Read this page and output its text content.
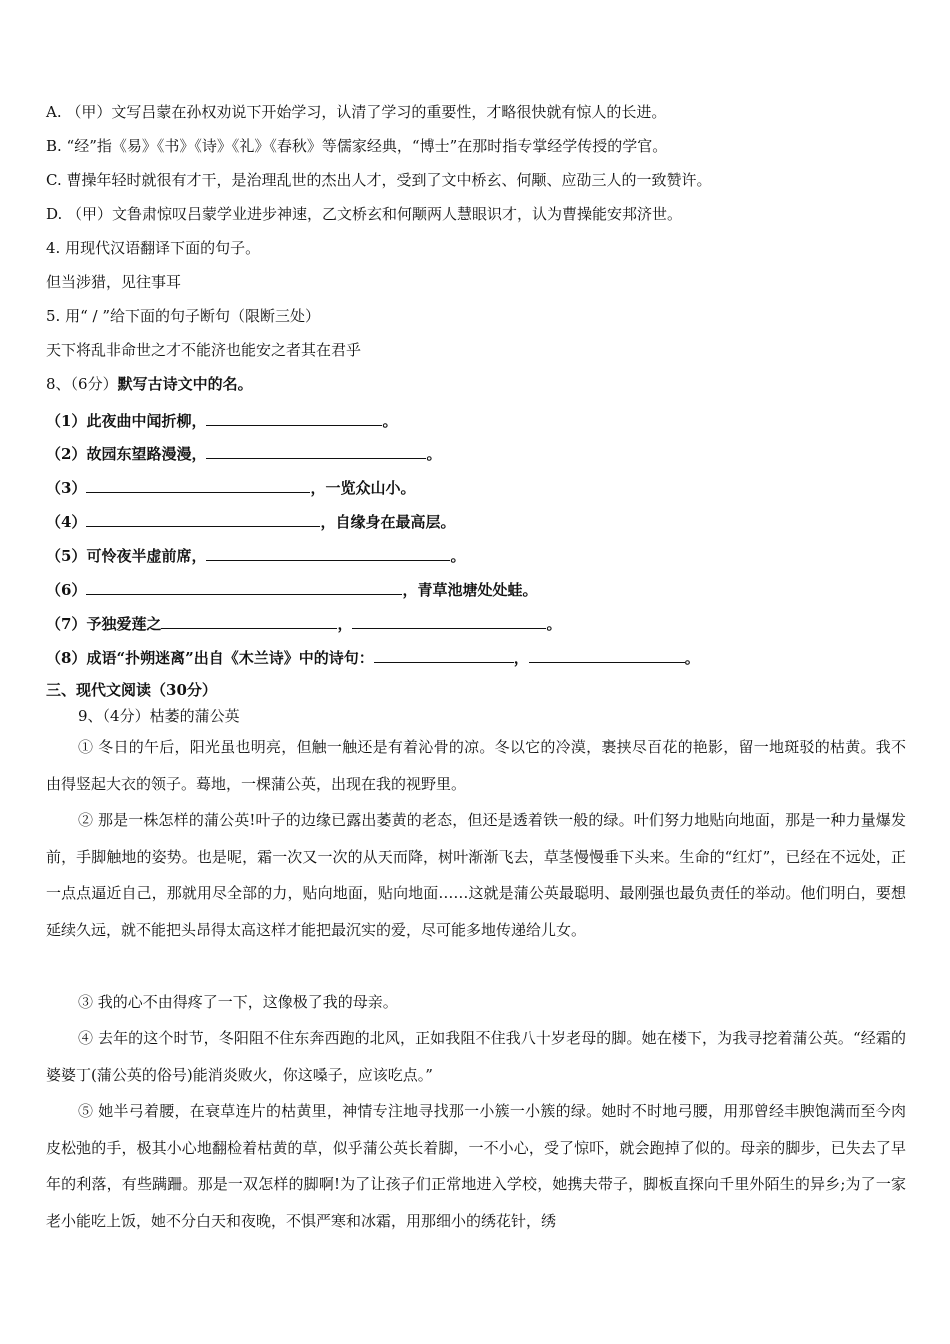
A. （甲）文写吕蒙在孙权劝说下开始学习，认清了学习的重要性，才略很快就有惊人的长进。
B. “经”指《易》《书》《诗》《礼》《春秋》等儒家经典，“博士”在那时指专掌经学传授的学官。
C. 曹操年轻时就很有才干，是治理乱世的杰出人才，受到了文中桥玄、何颙、应劭三人的一致赞许。
D. （甲）文鲁肃惊叹吕蒙学业进步神速，乙文桥玄和何颙两人慧眼识才，认为曹操能安邦济世。
4. 用现代汉语翻译下面的句子。
但当涉猎，见往事耳
5. 用“ / ”给下面的句子断句（限断三处）
天下将乱非命世之才不能济也能安之者其在君乎
8、（6分）默写古诗文中的名。
（1） 此夜曲中闻折柳，	。
（2） 故园东望路漫漫，	。
（3）	，一览众山小。
（4）	，自缘身在最高层。
（5） 可怜夜半虚前席，	。
（6）	，青草池塘处处蛙。
（7） 予独爱莲之	，	。
（8） 成语“扑朔迷离”出自《木兰诗》中的诗句：	，	。
三、现代文阅读（30分）
9、（4分）枯萎的蒲公英

① 冬日的午后，阳光虽也明亮，但触一触还是有着沁骨的凉。冬以它的冷漠，裹挟尽百花的艳影，留一地斑驳的枯黄。我不由得竖起大衣的领子。蓦地，一棵蒲公英，出现在我的视野里。

② 那是一株怎样的蒲公英!叶子的边缘已露出萎黄的老态，但还是透着铁一般的绿。叶们努力地贴向地面，那是一种力量爆发前，手脚触地的姿势。也是呢，霜一次又一次的从天而降，树叶渐渐飞去，草茎慢慢垂下头来。生命的“红灯”，已经在不远处，正一点点逼近自己，那就用尽全部的力，贴向地面，贴向地面……这就是蒲公英最聪明、最刚强也最负责任的举动。他们明白，要想延续久远，就不能把头昂得太高这样才能把最沉实的爱，尽可能多地传递给儿女。

③ 我的心不由得疼了一下，这像极了我的母亲。

④ 去年的这个时节，冬阳阻不住东奔西跑的北风，正如我阻不住我八十岁老母的脚。她在楼下，为我寻挖着蒲公英。“经霜的婆婆丁(蒲公英的俗号)能消炎败火，你这嗓子，应该吃点。”

⑤ 她半弓着腰，在衰草连片的枯黄里，神情专注地寻找那一小簇一小簇的绿。她时不时地弓腰，用那曾经丰腴饱满而至今肉皮松弛的手，极其小心地翻检着枯黄的草，似乎蒲公英长着脚，一不小心，受了惊吓，就会跑掉了似的。母亲的脚步，已失去了早年的利落，有些蹒跚。那是一双怎样的脚啊!为了让孩子们正常地进入学校，她携夫带子，脚板直探向千里外陌生的异乡;为了一家老小能吃上饭，她不分白天和夜晚，不惧严寒和冰霜，用那细小的绣花针，绣
